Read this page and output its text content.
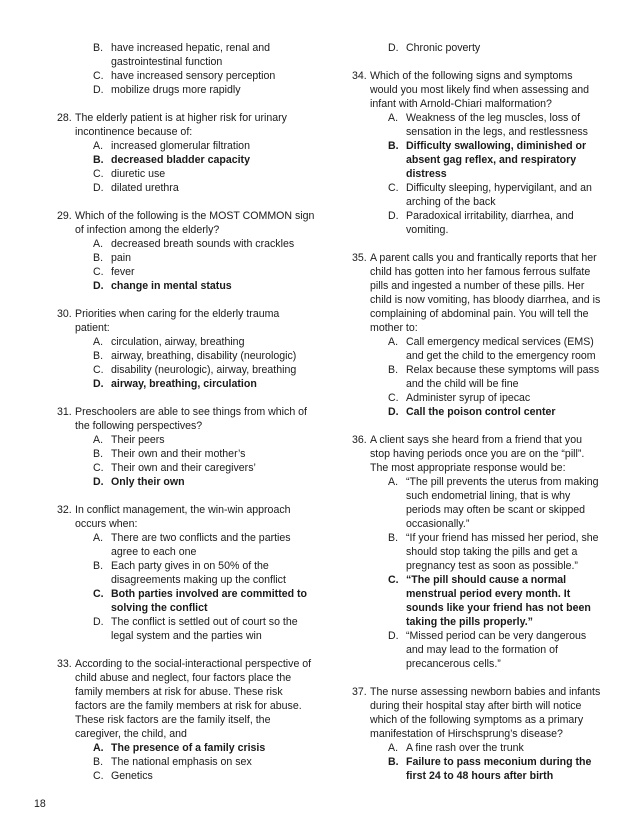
B. have increased hepatic, renal and gastrointestinal function
C. have increased sensory perception
D. mobilize drugs more rapidly
28. The elderly patient is at higher risk for urinary incontinence because of:
A. increased glomerular filtration
B. decreased bladder capacity
C. diuretic use
D. dilated urethra
29. Which of the following is the MOST COMMON sign of infection among the elderly?
A. decreased breath sounds with crackles
B. pain
C. fever
D. change in mental status
30. Priorities when caring for the elderly trauma patient:
A. circulation, airway, breathing
B. airway, breathing, disability (neurologic)
C. disability (neurologic), airway, breathing
D. airway, breathing, circulation
31. Preschoolers are able to see things from which of the following perspectives?
A. Their peers
B. Their own and their mother’s
C. Their own and their caregivers’
D. Only their own
32. In conflict management, the win-win approach occurs when:
A. There are two conflicts and the parties agree to each one
B. Each party gives in on 50% of the disagreements making up the conflict
C. Both parties involved are committed to solving the conflict
D. The conflict is settled out of court so the legal system and the parties win
33. According to the social-interactional perspective of child abuse and neglect, four factors place the family members at risk for abuse. These risk factors are the family members at risk for abuse. These risk factors are the family itself, the caregiver, the child, and
A. The presence of a family crisis
B. The national emphasis on sex
C. Genetics
D. Chronic poverty
34. Which of the following signs and symptoms would you most likely find when assessing and infant with Arnold-Chiari malformation?
A. Weakness of the leg muscles, loss of sensation in the legs, and restlessness
B. Difficulty swallowing, diminished or absent gag reflex, and respiratory distress
C. Difficulty sleeping, hypervigilant, and an arching of the back
D. Paradoxical irritability, diarrhea, and vomiting.
35. A parent calls you and frantically reports that her child has gotten into her famous ferrous sulfate pills and ingested a number of these pills. Her child is now vomiting, has bloody diarrhea, and is complaining of abdominal pain. You will tell the mother to:
A. Call emergency medical services (EMS) and get the child to the emergency room
B. Relax because these symptoms will pass and the child will be fine
C. Administer syrup of ipecac
D. Call the poison control center
36. A client says she heard from a friend that you stop having periods once you are on the “pill”. The most appropriate response would be:
A. “The pill prevents the uterus from making such endometrial lining, that is why periods may often be scant or skipped occasionally.”
B. “If your friend has missed her period, she should stop taking the pills and get a pregnancy test as soon as possible.”
C. “The pill should cause a normal menstrual period every month. It sounds like your friend has not been taking the pills properly.”
D. “Missed period can be very dangerous and may lead to the formation of precancerous cells.”
37. The nurse assessing newborn babies and infants during their hospital stay after birth will notice which of the following symptoms as a primary manifestation of Hirschsprung’s disease?
A. A fine rash over the trunk
B. Failure to pass meconium during the first 24 to 48 hours after birth
18
